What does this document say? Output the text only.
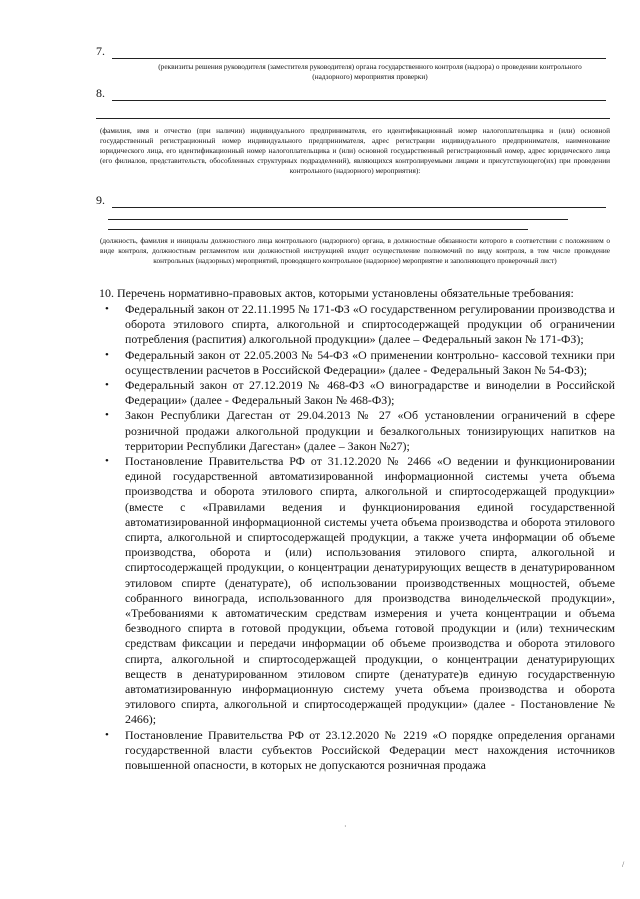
7.
(реквизиты решения руководителя (заместителя руководителя) органа государственного контроля (надзора) о проведении контрольного (надзорного) мероприятия проверки)
8.
(фамилия, имя и отчество (при наличии) индивидуального предпринимателя, его идентификационный номер налогоплательщика и (или) основной государственный регистрационный номер индивидуального предпринимателя, адрес регистрации индивидуального предпринимателя, наименование юридического лица, его идентификационный номер налогоплательщика и (или) основной государственный регистрационный номер, адрес юридического лица (его филиалов, представительств, обособленных структурных подразделений), являющихся контролируемыми лицами и присутствующего(их) при проведении контрольного (надзорного) мероприятия):
9.
(должность, фамилия и инициалы должностного лица контрольного (надзорного) органа, в должностные обязанности которого в соответствии с положением о виде контроля, должностным регламентом или должностной инструкцией входит осуществление полномочий по виду контроля, в том числе проведение контрольных (надзорных) мероприятий, проводящего контрольное (надзорное) мероприятие и заполняющего проверочный лист)
10. Перечень нормативно-правовых актов, которыми установлены обязательные требования:
• Федеральный закон от 22.11.1995 № 171-ФЗ «О государственном регулировании производства и оборота этилового спирта, алкогольной и спиртосодержащей продукции об ограничении потребления (распития) алкогольной продукции» (далее – Федеральный закон № 171-ФЗ);
• Федеральный закон от 22.05.2003 № 54-ФЗ «О применении контрольно- кассовой техники при осуществлении расчетов в Российской Федерации» (далее - Федеральный Закон № 54-ФЗ);
• Федеральный закон от 27.12.2019 № 468-ФЗ «О виноградарстве и виноделии в Российской Федерации» (далее - Федеральный Закон № 468-ФЗ);
• Закон Республики Дагестан от 29.04.2013 № 27 «Об установлении ограничений в сфере розничной продажи алкогольной продукции и безалкогольных тонизирующих напитков на территории Республики Дагестан» (далее – Закон №27);
• Постановление Правительства РФ от 31.12.2020 № 2466 «О ведении и функционировании единой государственной автоматизированной информационной системы учета объема производства и оборота этилового спирта, алкогольной и спиртосодержащей продукции» (вместе с «Правилами ведения и функционирования единой государственной автоматизированной информационной системы учета объема производства и оборота этилового спирта, алкогольной и спиртосодержащей продукции, а также учета информации об объеме производства, оборота и (или) использования этилового спирта, алкогольной и спиртосодержащей продукции, о концентрации денатурирующих веществ в денатурированном этиловом спирте (денатурате), об использовании производственных мощностей, объеме собранного винограда, использованного для производства винодельческой продукции», «Требованиями к автоматическим средствам измерения и учета концентрации и объема безводного спирта в готовой продукции, объема готовой продукции и (или) техническим средствам фиксации и передачи информации об объеме производства и оборота этилового спирта, алкогольной и спиртосодержащей продукции, о концентрации денатурирующих веществ в денатурированном этиловом спирте (денатурате)в единую государственную автоматизированную информационную систему учета объема производства и оборота этилового спирта, алкогольной и спиртосодержащей продукции» (далее - Постановление № 2466);
• Постановление Правительства РФ от 23.12.2020 № 2219 «О порядке определения органами государственной власти субъектов Российской Федерации мест нахождения источников повышенной опасности, в которых не допускаются розничная продажа
·
/
